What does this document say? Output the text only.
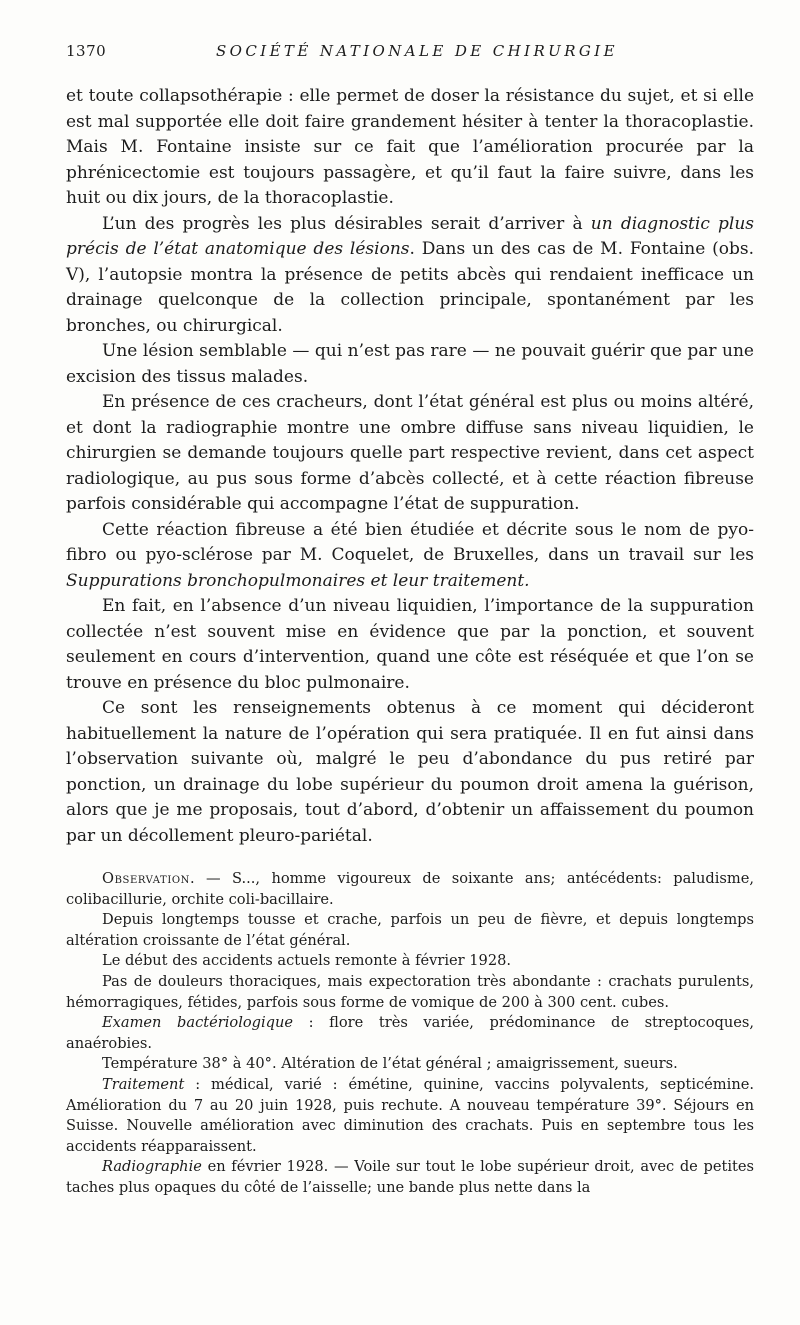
1370	SOCIÉTÉ NATIONALE DE CHIRURGIE

et toute collapsothérapie : elle permet de doser la résistance du sujet, et si elle est mal supportée elle doit faire grandement hésiter à tenter la thoracoplastie. Mais M. Fontaine insiste sur ce fait que l’amélioration procurée par la phrénicectomie est toujours passagère, et qu’il faut la faire suivre, dans les huit ou dix jours, de la thoracoplastie.

L’un des progrès les plus désirables serait d’arriver à un diagnostic plus précis de l’état anatomique des lésions. Dans un des cas de M. Fontaine (obs. V), l’autopsie montra la présence de petits abcès qui rendaient inefficace un drainage quelconque de la collection principale, spontanément par les bronches, ou chirurgical.

Une lésion semblable — qui n’est pas rare — ne pouvait guérir que par une excision des tissus malades.

En présence de ces cracheurs, dont l’état général est plus ou moins altéré, et dont la radiographie montre une ombre diffuse sans niveau liquidien, le chirurgien se demande toujours quelle part respective revient, dans cet aspect radiologique, au pus sous forme d’abcès collecté, et à cette réaction fibreuse parfois considérable qui accompagne l’état de suppuration.

Cette réaction fibreuse a été bien étudiée et décrite sous le nom de pyo-fibro ou pyo-sclérose par M. Coquelet, de Bruxelles, dans un travail sur les Suppurations bronchopulmonaires et leur traitement.

En fait, en l’absence d’un niveau liquidien, l’importance de la suppuration collectée n’est souvent mise en évidence que par la ponction, et souvent seulement en cours d’intervention, quand une côte est réséquée et que l’on se trouve en présence du bloc pulmonaire.

Ce sont les renseignements obtenus à ce moment qui décideront habituellement la nature de l’opération qui sera pratiquée. Il en fut ainsi dans l’observation suivante où, malgré le peu d’abondance du pus retiré par ponction, un drainage du lobe supérieur du poumon droit amena la guérison, alors que je me proposais, tout d’abord, d’obtenir un affaissement du poumon par un décollement pleuro-pariétal.

Observation. — S..., homme vigoureux de soixante ans; antécédents: paludisme, colibacillurie, orchite coli-bacillaire.

Depuis longtemps tousse et crache, parfois un peu de fièvre, et depuis longtemps altération croissante de l’état général.

Le début des accidents actuels remonte à février 1928.

Pas de douleurs thoraciques, mais expectoration très abondante : crachats purulents, hémorragiques, fétides, parfois sous forme de vomique de 200 à 300 cent. cubes.

Examen bactériologique : flore très variée, prédominance de streptocoques, anaérobies.

Température 38° à 40°. Altération de l’état général ; amaigrissement, sueurs.

Traitement : médical, varié : émétine, quinine, vaccins polyvalents, septicémine. Amélioration du 7 au 20 juin 1928, puis rechute. A nouveau température 39°. Séjours en Suisse. Nouvelle amélioration avec diminution des crachats. Puis en septembre tous les accidents réapparaissent.

Radiographie en février 1928. — Voile sur tout le lobe supérieur droit, avec de petites taches plus opaques du côté de l’aisselle; une bande plus nette dans la
